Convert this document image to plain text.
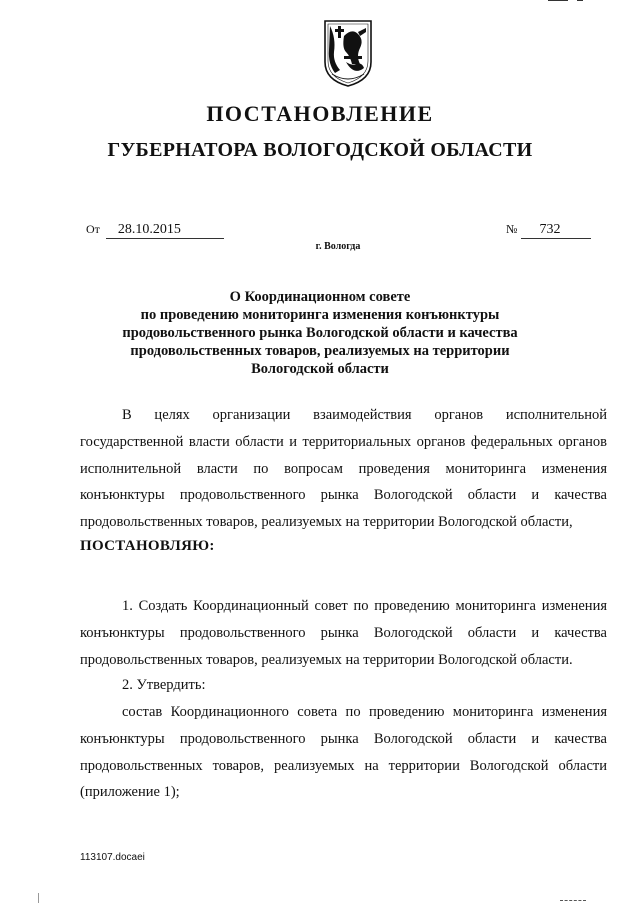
ПОСТАНОВЛЕНИЕ
ГУБЕРНАТОРА ВОЛОГОДСКОЙ ОБЛАСТИ
От 28.10.2015	№ 732
г. Вологда

О Координационном совете
по проведению мониторинга изменения конъюнктуры
продовольственного рынка Вологодской области и качества
продовольственных товаров, реализуемых на территории
Вологодской области

В целях организации взаимодействия органов исполнительной государственной власти области и территориальных органов федеральных органов исполнительной власти по вопросам проведения мониторинга изменения конъюнктуры продовольственного рынка Вологодской области и качества продовольственных товаров, реализуемых на территории Вологодской области,

ПОСТАНОВЛЯЮ:

1. Создать Координационный совет по проведению мониторинга изменения конъюнктуры продовольственного рынка Вологодской области и качества продовольственных товаров, реализуемых на территории Вологодской области.

2. Утвердить:

состав Координационного совета по проведению мониторинга изменения конъюнктуры продовольственного рынка Вологодской области и качества продовольственных товаров, реализуемых на территории Вологодской области (приложение 1);

113107.docaei
